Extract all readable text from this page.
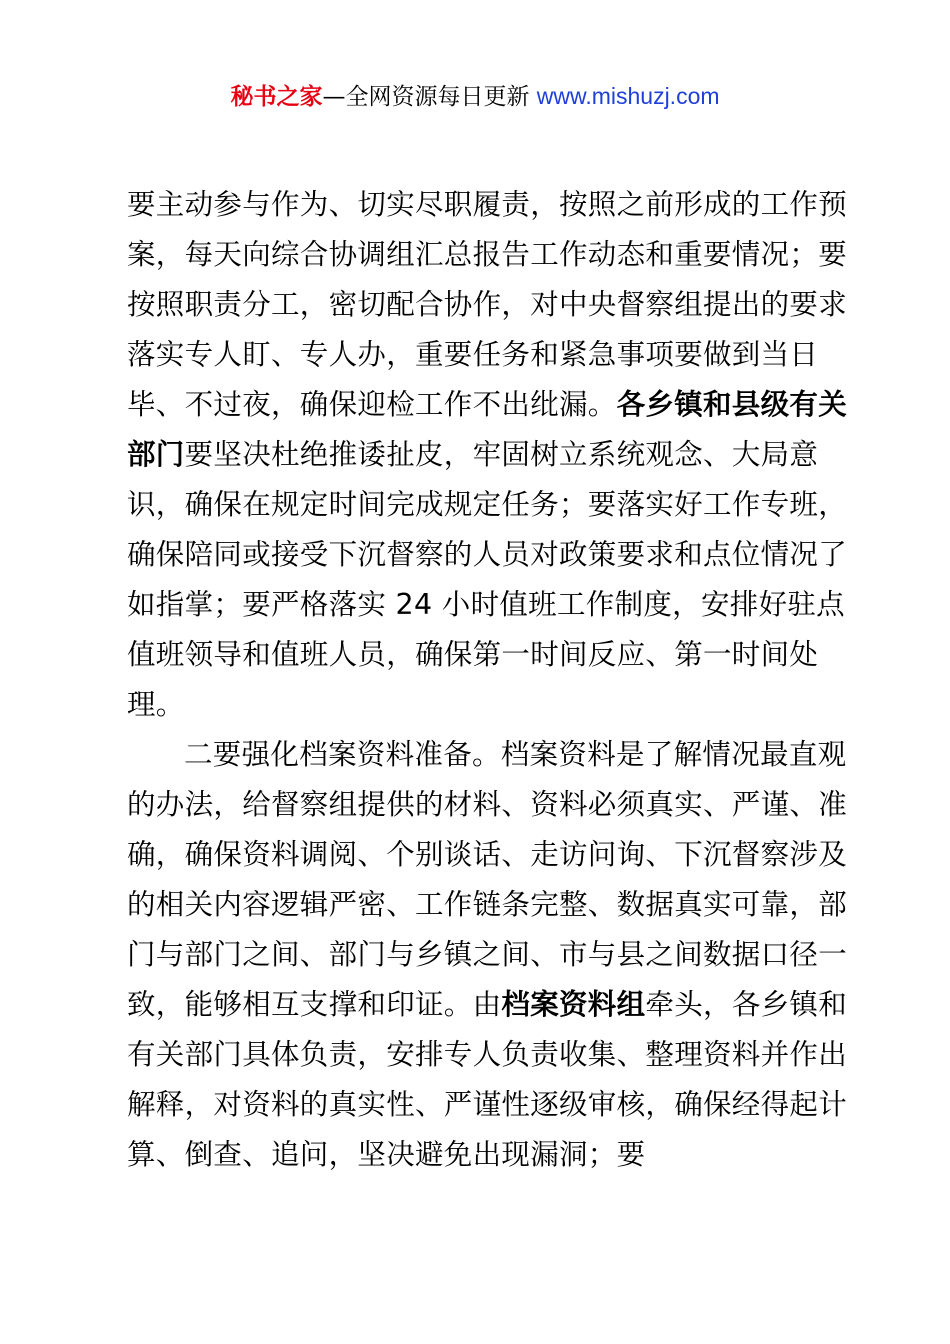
秘书之家—全网资源每日更新 www.mishuzj.com

要主动参与作为、切实尽职履责，按照之前形成的工作预案，每天向综合协调组汇总报告工作动态和重要情况；要按照职责分工，密切配合协作，对中央督察组提出的要求落实专人盯、专人办，重要任务和紧急事项要做到当日毕、不过夜，确保迎检工作不出纰漏。各乡镇和县级有关部门要坚决杜绝推诿扯皮，牢固树立系统观念、大局意识，确保在规定时间完成规定任务；要落实好工作专班，确保陪同或接受下沉督察的人员对政策要求和点位情况了如指掌；要严格落实 24 小时值班工作制度，安排好驻点值班领导和值班人员，确保第一时间反应、第一时间处理。

二要强化档案资料准备。档案资料是了解情况最直观的办法，给督察组提供的材料、资料必须真实、严谨、准确，确保资料调阅、个别谈话、走访问询、下沉督察涉及的相关内容逻辑严密、工作链条完整、数据真实可靠，部门与部门之间、部门与乡镇之间、市与县之间数据口径一致，能够相互支撑和印证。由档案资料组牵头，各乡镇和有关部门具体负责，安排专人负责收集、整理资料并作出解释，对资料的真实性、严谨性逐级审核，确保经得起计算、倒查、追问，坚决避免出现漏洞；要
